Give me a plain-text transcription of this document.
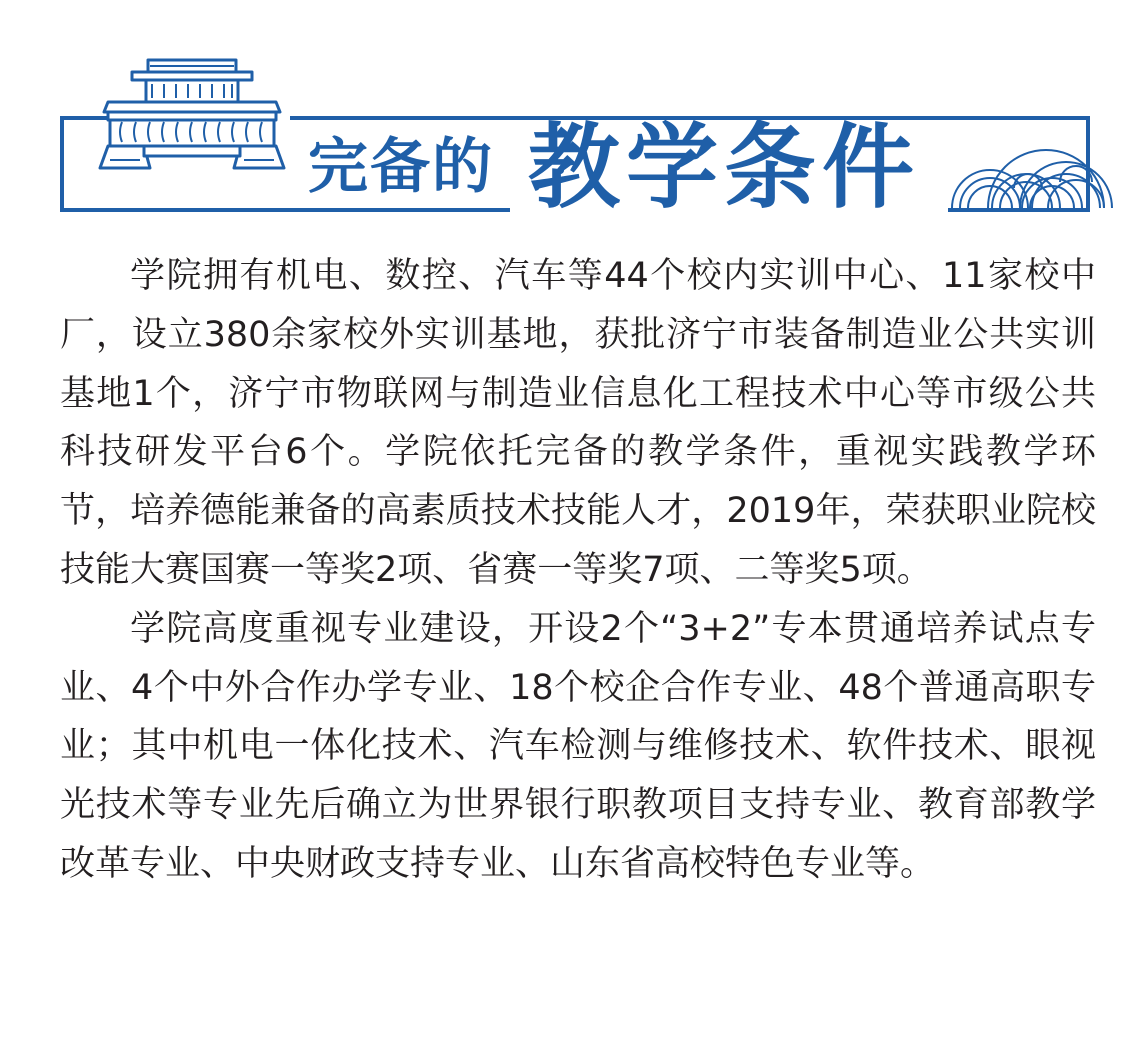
完备的 教学条件

学院拥有机电、数控、汽车等44个校内实训中心、11家校中厂，设立380余家校外实训基地，获批济宁市装备制造业公共实训基地1个，济宁市物联网与制造业信息化工程技术中心等市级公共科技研发平台6个。学院依托完备的教学条件，重视实践教学环节，培养德能兼备的高素质技术技能人才，2019年，荣获职业院校技能大赛国赛一等奖2项、省赛一等奖7项、二等奖5项。

学院高度重视专业建设，开设2个“3+2”专本贯通培养试点专业、4个中外合作办学专业、18个校企合作专业、48个普通高职专业；其中机电一体化技术、汽车检测与维修技术、软件技术、眼视光技术等专业先后确立为世界银行职教项目支持专业、教育部教学改革专业、中央财政支持专业、山东省高校特色专业等。
